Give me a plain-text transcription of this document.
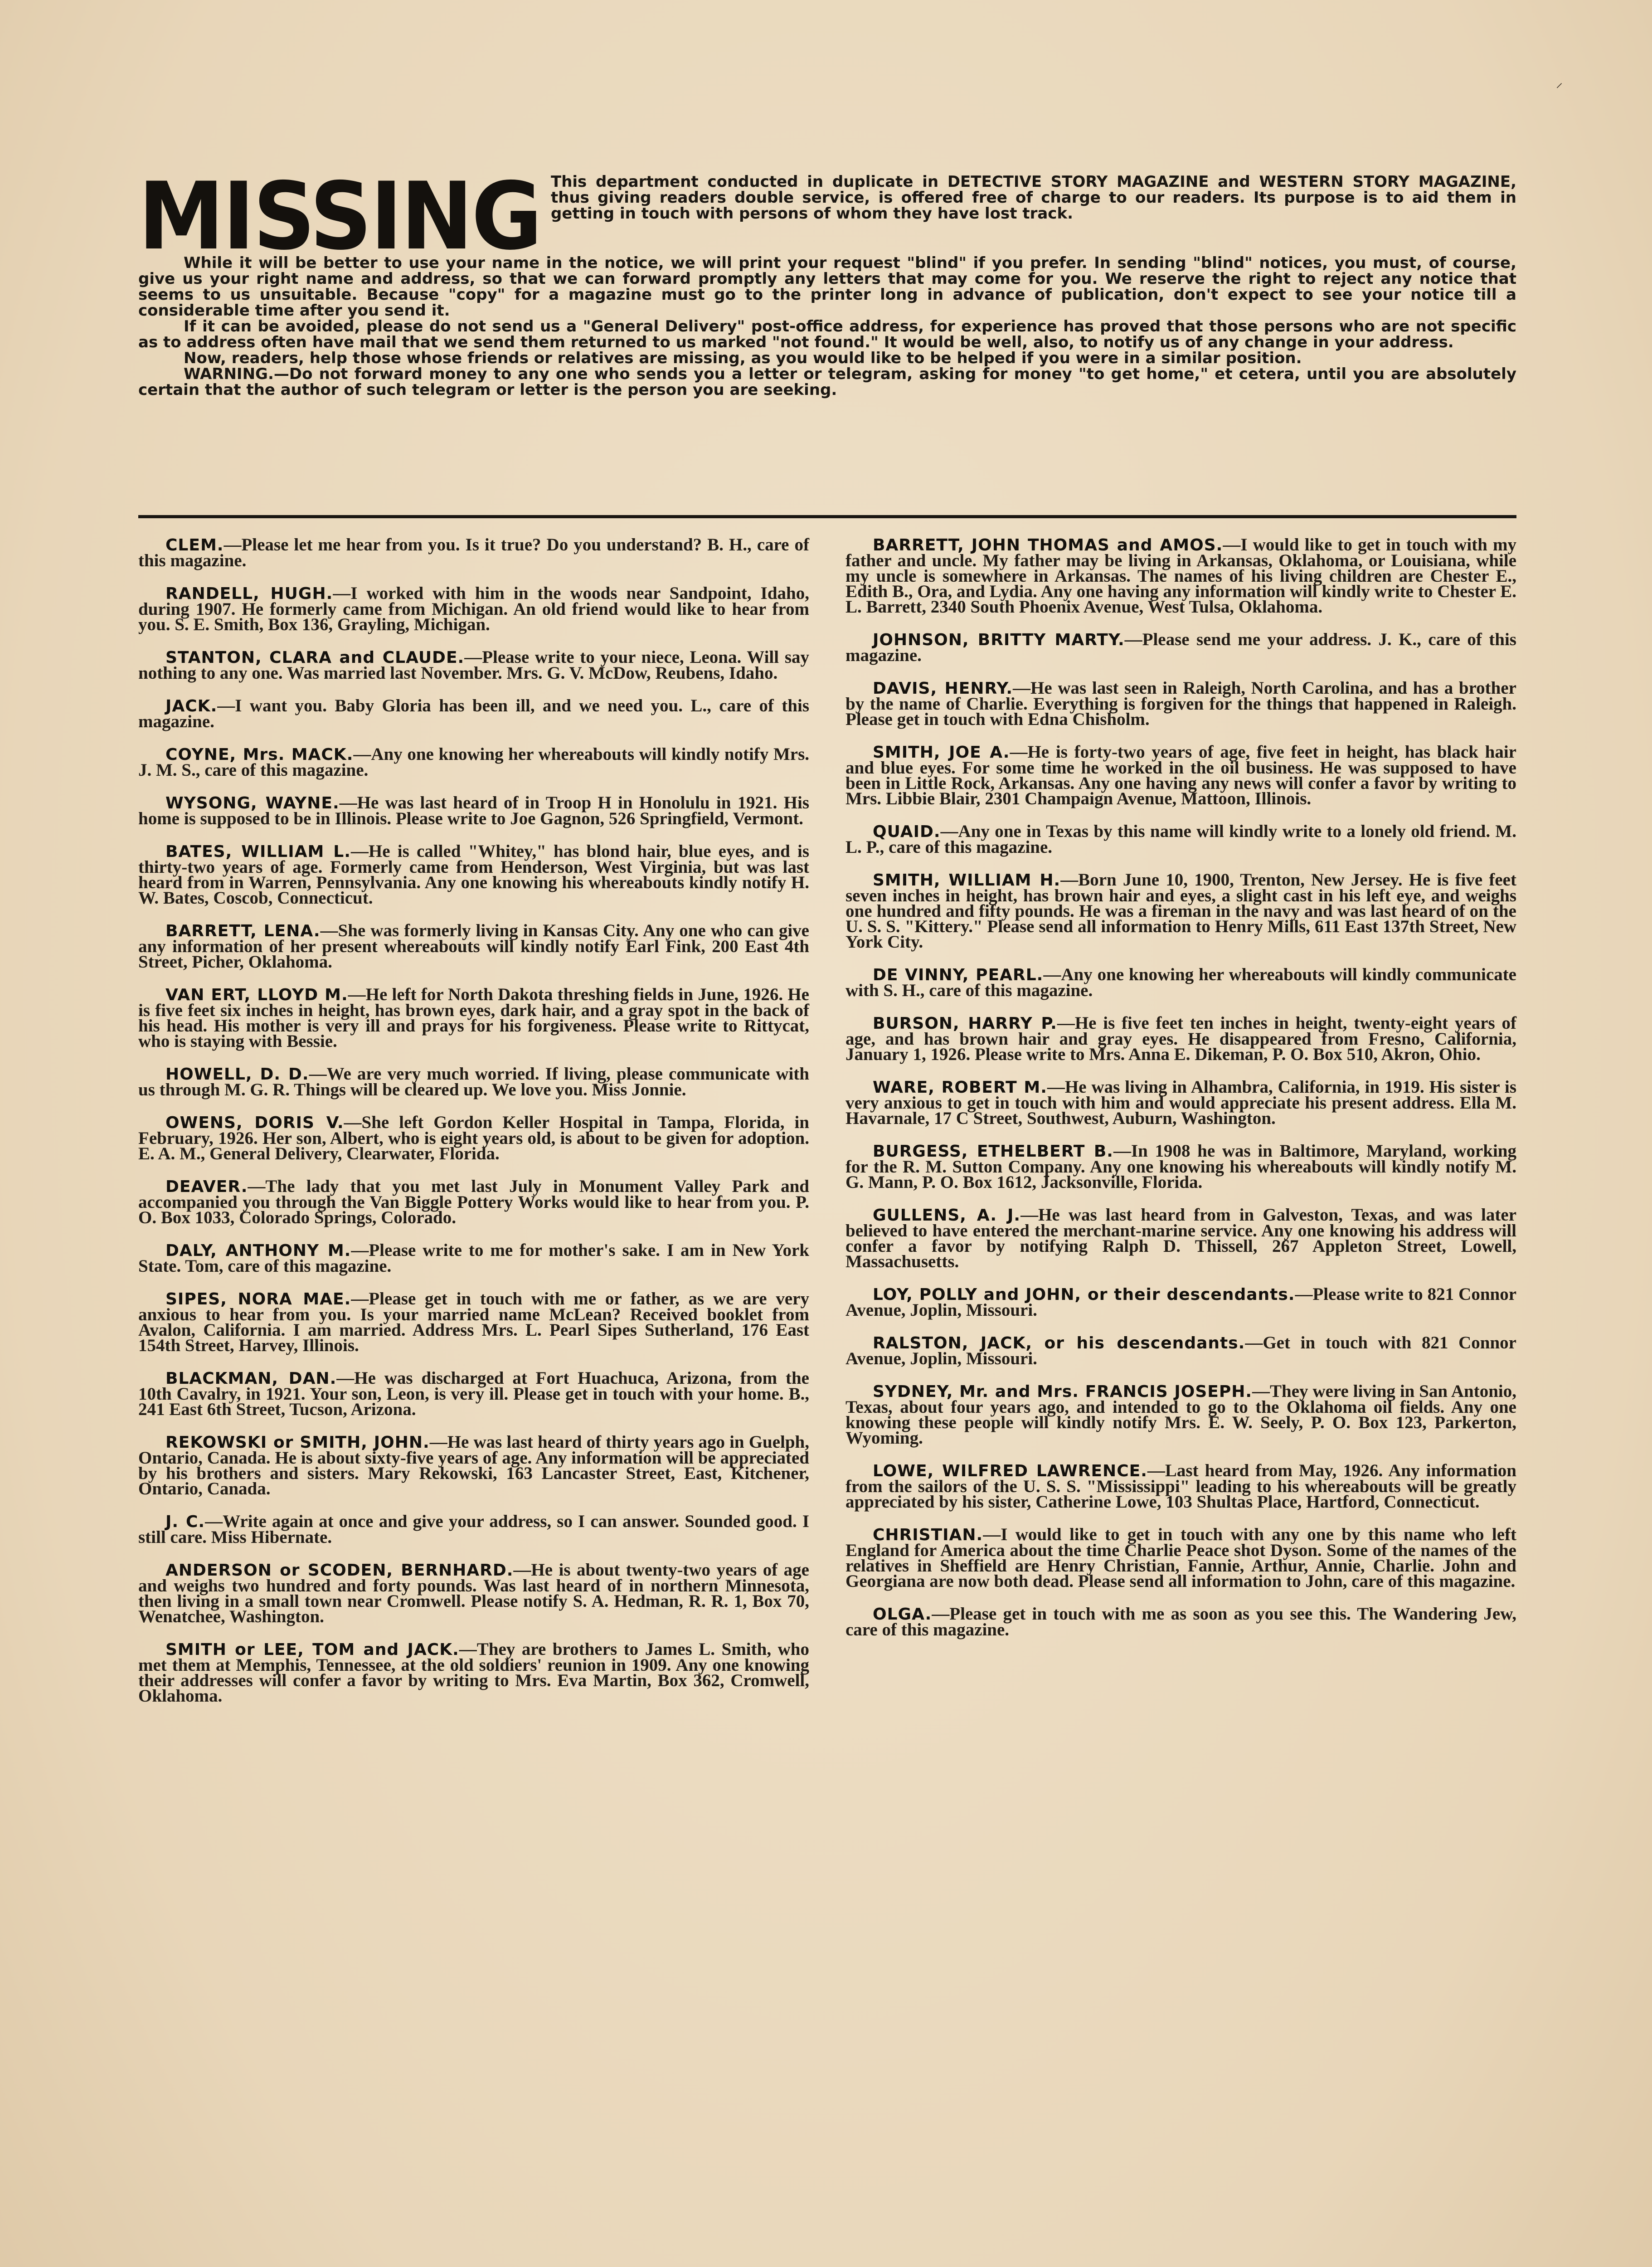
⸝
MISSING This department conducted in duplicate in DETECTIVE STORY MAGAZINE and WESTERN STORY MAGAZINE, thus giving readers double service, is offered free of charge to our readers. Its purpose is to aid them in getting in touch with persons of whom they have lost track.

While it will be better to use your name in the notice, we will print your request "blind" if you prefer. In sending "blind" notices, you must, of course, give us your right name and address, so that we can forward promptly any letters that may come for you. We reserve the right to reject any notice that seems to us unsuitable. Because "copy" for a magazine must go to the printer long in advance of publication, don't expect to see your notice till a considerable time after you send it.

If it can be avoided, please do not send us a "General Delivery" post-office address, for experience has proved that those persons who are not specific as to address often have mail that we send them returned to us marked "not found." It would be well, also, to notify us of any change in your address.

Now, readers, help those whose friends or relatives are missing, as you would like to be helped if you were in a similar position.

WARNING.—Do not forward money to any one who sends you a letter or telegram, asking for money "to get home," et cetera, until you are absolutely certain that the author of such telegram or letter is the person you are seeking.

CLEM.—Please let me hear from you. Is it true? Do you understand? B. H., care of this magazine.

RANDELL, HUGH.—I worked with him in the woods near Sandpoint, Idaho, during 1907. He formerly came from Michigan. An old friend would like to hear from you. S. E. Smith, Box 136, Grayling, Michigan.

STANTON, CLARA and CLAUDE.—Please write to your niece, Leona. Will say nothing to any one. Was married last November. Mrs. G. V. McDow, Reubens, Idaho.

JACK.—I want you. Baby Gloria has been ill, and we need you. L., care of this magazine.

COYNE, Mrs. MACK.—Any one knowing her whereabouts will kindly notify Mrs. J. M. S., care of this magazine.

WYSONG, WAYNE.—He was last heard of in Troop H in Honolulu in 1921. His home is supposed to be in Illinois. Please write to Joe Gagnon, 526 Springfield, Vermont.

BATES, WILLIAM L.—He is called "Whitey," has blond hair, blue eyes, and is thirty-two years of age. Formerly came from Henderson, West Virginia, but was last heard from in Warren, Pennsylvania. Any one knowing his whereabouts kindly notify H. W. Bates, Coscob, Connecticut.

BARRETT, LENA.—She was formerly living in Kansas City. Any one who can give any information of her present whereabouts will kindly notify Earl Fink, 200 East 4th Street, Picher, Oklahoma.

VAN ERT, LLOYD M.—He left for North Dakota threshing fields in June, 1926. He is five feet six inches in height, has brown eyes, dark hair, and a gray spot in the back of his head. His mother is very ill and prays for his forgiveness. Please write to Rittycat, who is staying with Bessie.

HOWELL, D. D.—We are very much worried. If living, please communicate with us through M. G. R. Things will be cleared up. We love you. Miss Jonnie.

OWENS, DORIS V.—She left Gordon Keller Hospital in Tampa, Florida, in February, 1926. Her son, Albert, who is eight years old, is about to be given for adoption. E. A. M., General Delivery, Clearwater, Florida.

DEAVER.—The lady that you met last July in Monument Valley Park and accompanied you through the Van Biggle Pottery Works would like to hear from you. P. O. Box 1033, Colorado Springs, Colorado.

DALY, ANTHONY M.—Please write to me for mother's sake. I am in New York State. Tom, care of this magazine.

SIPES, NORA MAE.—Please get in touch with me or father, as we are very anxious to hear from you. Is your married name McLean? Received booklet from Avalon, California. I am married. Address Mrs. L. Pearl Sipes Sutherland, 176 East 154th Street, Harvey, Illinois.

BLACKMAN, DAN.—He was discharged at Fort Huachuca, Arizona, from the 10th Cavalry, in 1921. Your son, Leon, is very ill. Please get in touch with your home. B., 241 East 6th Street, Tucson, Arizona.

REKOWSKI or SMITH, JOHN.—He was last heard of thirty years ago in Guelph, Ontario, Canada. He is about sixty-five years of age. Any information will be appreciated by his brothers and sisters. Mary Rekowski, 163 Lancaster Street, East, Kitchener, Ontario, Canada.

J. C.—Write again at once and give your address, so I can answer. Sounded good. I still care. Miss Hibernate.

ANDERSON or SCODEN, BERNHARD.—He is about twenty-two years of age and weighs two hundred and forty pounds. Was last heard of in northern Minnesota, then living in a small town near Cromwell. Please notify S. A. Hedman, R. R. 1, Box 70, Wenatchee, Washington.

SMITH or LEE, TOM and JACK.—They are brothers to James L. Smith, who met them at Memphis, Tennessee, at the old soldiers' reunion in 1909. Any one knowing their addresses will confer a favor by writing to Mrs. Eva Martin, Box 362, Cromwell, Oklahoma.

BARRETT, JOHN THOMAS and AMOS.—I would like to get in touch with my father and uncle. My father may be living in Arkansas, Oklahoma, or Louisiana, while my uncle is somewhere in Arkansas. The names of his living children are Chester E., Edith B., Ora, and Lydia. Any one having any information will kindly write to Chester E. L. Barrett, 2340 South Phoenix Avenue, West Tulsa, Oklahoma.

JOHNSON, BRITTY MARTY.—Please send me your address. J. K., care of this magazine.

DAVIS, HENRY.—He was last seen in Raleigh, North Carolina, and has a brother by the name of Charlie. Everything is forgiven for the things that happened in Raleigh. Please get in touch with Edna Chisholm.

SMITH, JOE A.—He is forty-two years of age, five feet in height, has black hair and blue eyes. For some time he worked in the oil business. He was supposed to have been in Little Rock, Arkansas. Any one having any news will confer a favor by writing to Mrs. Libbie Blair, 2301 Champaign Avenue, Mattoon, Illinois.

QUAID.—Any one in Texas by this name will kindly write to a lonely old friend. M. L. P., care of this magazine.

SMITH, WILLIAM H.—Born June 10, 1900, Trenton, New Jersey. He is five feet seven inches in height, has brown hair and eyes, a slight cast in his left eye, and weighs one hundred and fifty pounds. He was a fireman in the navy and was last heard of on the U. S. S. "Kittery." Please send all information to Henry Mills, 611 East 137th Street, New York City.

DE VINNY, PEARL.—Any one knowing her whereabouts will kindly communicate with S. H., care of this magazine.

BURSON, HARRY P.—He is five feet ten inches in height, twenty-eight years of age, and has brown hair and gray eyes. He disappeared from Fresno, California, January 1, 1926. Please write to Mrs. Anna E. Dikeman, P. O. Box 510, Akron, Ohio.

WARE, ROBERT M.—He was living in Alhambra, California, in 1919. His sister is very anxious to get in touch with him and would appreciate his present address. Ella M. Havarnale, 17 C Street, Southwest, Auburn, Washington.

BURGESS, ETHELBERT B.—In 1908 he was in Baltimore, Maryland, working for the R. M. Sutton Company. Any one knowing his whereabouts will kindly notify M. G. Mann, P. O. Box 1612, Jacksonville, Florida.

GULLENS, A. J.—He was last heard from in Galveston, Texas, and was later believed to have entered the merchant-marine service. Any one knowing his address will confer a favor by notifying Ralph D. Thissell, 267 Appleton Street, Lowell, Massachusetts.

LOY, POLLY and JOHN, or their descendants.—Please write to 821 Connor Avenue, Joplin, Missouri.

RALSTON, JACK, or his descendants.—Get in touch with 821 Connor Avenue, Joplin, Missouri.

SYDNEY, Mr. and Mrs. FRANCIS JOSEPH.—They were living in San Antonio, Texas, about four years ago, and intended to go to the Oklahoma oil fields. Any one knowing these people will kindly notify Mrs. E. W. Seely, P. O. Box 123, Parkerton, Wyoming.

LOWE, WILFRED LAWRENCE.—Last heard from May, 1926. Any information from the sailors of the U. S. S. "Mississippi" leading to his whereabouts will be greatly appreciated by his sister, Catherine Lowe, 103 Shultas Place, Hartford, Connecticut.

CHRISTIAN.—I would like to get in touch with any one by this name who left England for America about the time Charlie Peace shot Dyson. Some of the names of the relatives in Sheffield are Henry Christian, Fannie, Arthur, Annie, Charlie. John and Georgiana are now both dead. Please send all information to John, care of this magazine.

OLGA.—Please get in touch with me as soon as you see this. The Wandering Jew, care of this magazine.
